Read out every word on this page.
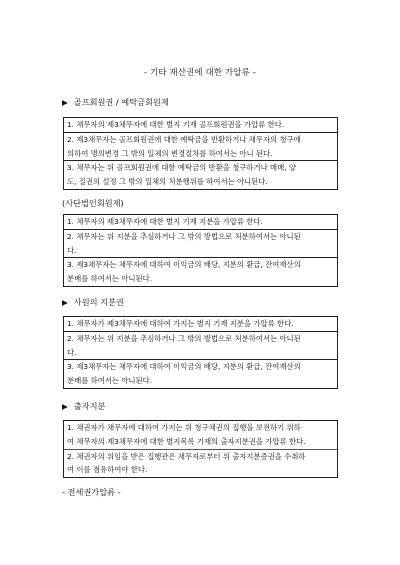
- 기타 재산권에 대한 가압류 -
▶ 골프회원권 / 예탁금회원제
1. 채무자의 제3채무자에 대한 별지 기재 골프회원권을 가압류 한다.
2. 제3채무자는 골프회원권에 대한 예탁금을 반환하거나 채무자의 청구에
의하여 명의변경 그 밖의 일체의 변경절차를 하여서는 아니 된다.
3. 채무자는 위 골프회원권에 대한 예탁금의 반환을 청구하거나 매매, 양
도, 질권의 설정 그 밖의 일체의 처분행위를 하여서는 아니된다.
(사단법인회원제)
1. 채무자의 제3채무자에 대한 별지 기재 지분을 가압류 한다.
2. 채무자는 위 지분을 추심하거나 그 밖의 방법으로 처분하여서는 아니된
다.
3. 제3채무자는 채무자에 대하여 이익금의 배당, 지분의 환급, 잔여재산의
분배를 하여서는 아니된다.
▶ 사원의 지분권
1. 채무자가 제3채무자에 대하여 가지는 별지 기재 지분을 가압류 한다.
2. 채무자는 위 지분을 추심하거나 그 밖의 방법으로 처분하여서는 아니된
다.
3. 제3채무자는 채무자에 대하여 이익금의 배당, 지분의 환급, 잔여재산의
분배를 하여서는 아니된다.
▶ 출자지분
1. 채권자가 채무자에 대하여 가지는 위 청구채권의 집행을 보전하기 위하
여 채무자의 제3채무자에 대한 별지목록 기재의 출자지분권을 가압류 한다.
2. 채권자의 위임을 받은 집행관은 채무자로부터 위 출자지분증권을 수취하
여 이를 점유하여야 한다.
- 전세권가압류 -
